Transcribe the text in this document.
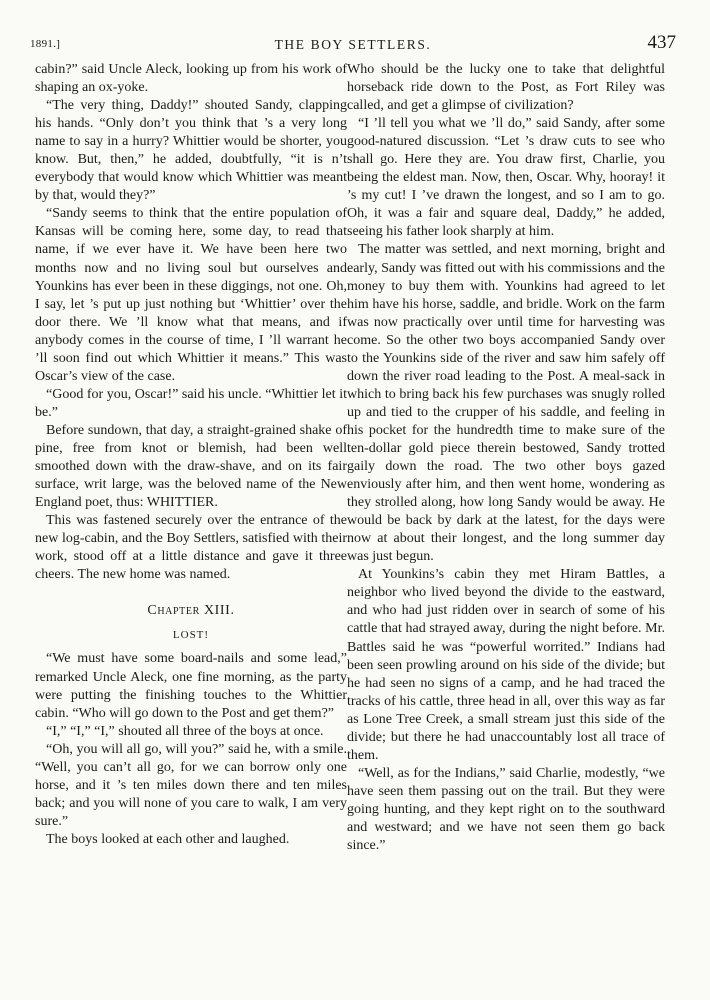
1891.]	THE BOY SETTLERS.	437

cabin?” said Uncle Aleck, looking up from his work of shaping an ox-yoke.

“The very thing, Daddy!” shouted Sandy, clapping his hands. “Only don’t you think that ’s a very long name to say in a hurry? Whittier would be shorter, you know. But, then,” he added, doubtfully, “it is n’t everybody that would know which Whittier was meant by that, would they?”

“Sandy seems to think that the entire population of Kansas will be coming here, some day, to read that name, if we ever have it. We have been here two months now and no living soul but ourselves and Younkins has ever been in these diggings, not one. Oh, I say, let ’s put up just nothing but ‘Whittier’ over the door there. We ’ll know what that means, and if anybody comes in the course of time, I ’ll warrant he ’ll soon find out which Whittier it means.” This was Oscar’s view of the case.

“Good for you, Oscar!” said his uncle. “Whittier let it be.”

Before sundown, that day, a straight-grained shake of pine, free from knot or blemish, had been well smoothed down with the draw-shave, and on its fair surface, writ large, was the beloved name of the New England poet, thus: WHITTIER.

This was fastened securely over the entrance of the new log-cabin, and the Boy Settlers, satisfied with their work, stood off at a little distance and gave it three cheers. The new home was named.

Chapter XIII.
LOST!

“We must have some board-nails and some lead,” remarked Uncle Aleck, one fine morning, as the party were putting the finishing touches to the Whittier cabin. “Who will go down to the Post and get them?”

“I,” “I,” “I,” shouted all three of the boys at once.

“Oh, you will all go, will you?” said he, with a smile. “Well, you can’t all go, for we can borrow only one horse, and it ’s ten miles down there and ten miles back; and you will none of you care to walk, I am very sure.”

The boys looked at each other and laughed.

Who should be the lucky one to take that delightful horseback ride down to the Post, as Fort Riley was called, and get a glimpse of civilization?

“I ’ll tell you what we ’ll do,” said Sandy, after some good-natured discussion. “Let ’s draw cuts to see who shall go. Here they are. You draw first, Charlie, you being the eldest man. Now, then, Oscar. Why, hooray! it ’s my cut! I ’ve drawn the longest, and so I am to go. Oh, it was a fair and square deal, Daddy,” he added, seeing his father look sharply at him.

The matter was settled, and next morning, bright and early, Sandy was fitted out with his commissions and the money to buy them with. Younkins had agreed to let him have his horse, saddle, and bridle. Work on the farm was now practically over until time for harvesting was come. So the other two boys accompanied Sandy over to the Younkins side of the river and saw him safely off down the river road leading to the Post. A meal-sack in which to bring back his few purchases was snugly rolled up and tied to the crupper of his saddle, and feeling in his pocket for the hundredth time to make sure of the ten-dollar gold piece therein bestowed, Sandy trotted gaily down the road. The two other boys gazed enviously after him, and then went home, wondering as they strolled along, how long Sandy would be away. He would be back by dark at the latest, for the days were now at about their longest, and the long summer day was just begun.

At Younkins’s cabin they met Hiram Battles, a neighbor who lived beyond the divide to the eastward, and who had just ridden over in search of some of his cattle that had strayed away, during the night before. Mr. Battles said he was “powerful worrited.” Indians had been seen prowling around on his side of the divide; but he had seen no signs of a camp, and he had traced the tracks of his cattle, three head in all, over this way as far as Lone Tree Creek, a small stream just this side of the divide; but there he had unaccountably lost all trace of them.

“Well, as for the Indians,” said Charlie, modestly, “we have seen them passing out on the trail. But they were going hunting, and they kept right on to the southward and westward; and we have not seen them go back since.”
